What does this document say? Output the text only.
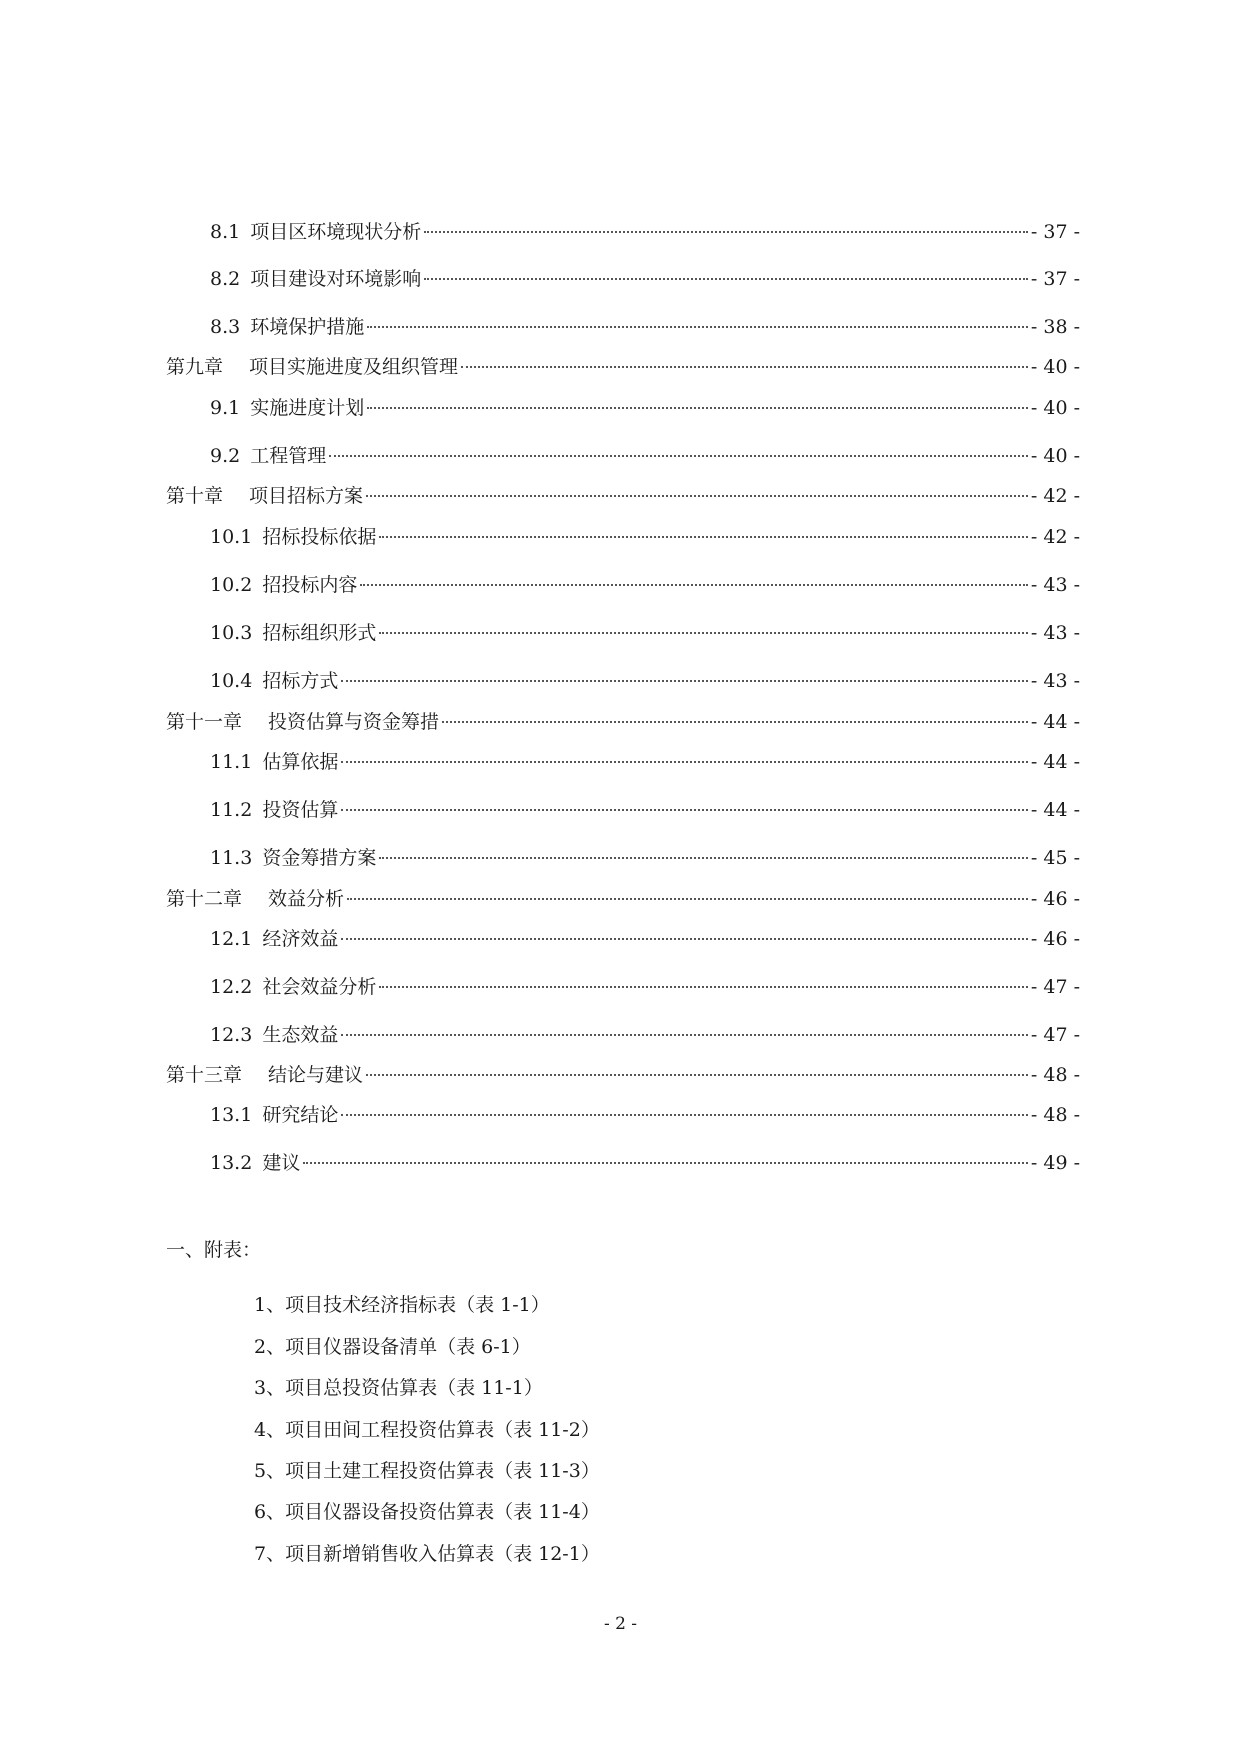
8.1 项目区环境现状分析	- 37 -
8.2 项目建设对环境影响	- 37 -
8.3 环境保护措施	- 38 -
第九章 项目实施进度及组织管理	- 40 -
9.1 实施进度计划	- 40 -
9.2 工程管理	- 40 -
第十章 项目招标方案	- 42 -
10.1 招标投标依据	- 42 -
10.2 招投标内容	- 43 -
10.3 招标组织形式	- 43 -
10.4 招标方式	- 43 -
第十一章 投资估算与资金筹措	- 44 -
11.1 估算依据	- 44 -
11.2 投资估算	- 44 -
11.3 资金筹措方案	- 45 -
第十二章 效益分析	- 46 -
12.1 经济效益	- 46 -
12.2 社会效益分析	- 47 -
12.3 生态效益	- 47 -
第十三章 结论与建议	- 48 -
13.1 研究结论	- 48 -
13.2 建议	- 49 -
一、附表：
1、项目技术经济指标表（表 1-1）
2、项目仪器设备清单（表 6-1）
3、项目总投资估算表（表 11-1）
4、项目田间工程投资估算表（表 11-2）
5、项目土建工程投资估算表（表 11-3）
6、项目仪器设备投资估算表（表 11-4）
7、项目新增销售收入估算表（表 12-1）
- 2 -
